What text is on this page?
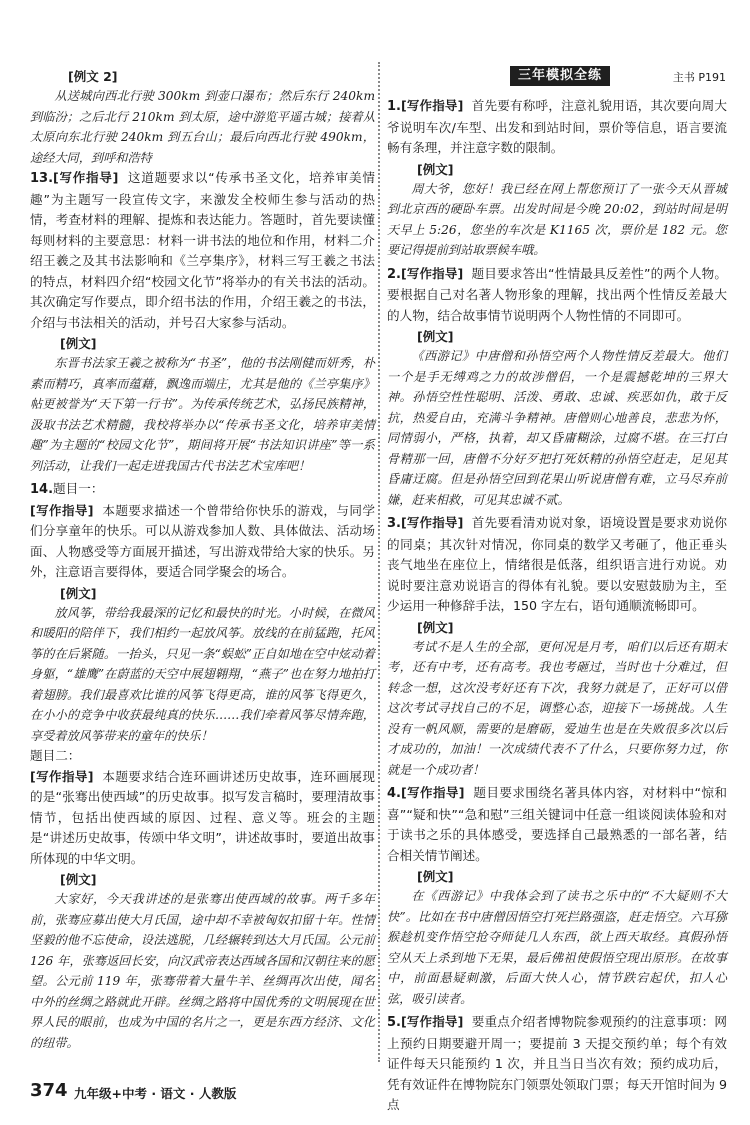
[例文 2]

从送城向西北行驶 300km 到壶口瀑布；然后东行 240km 到临汾；之后北行 210km 到太原，途中游览平遥古城；接着从太原向东北行驶 240km 到五台山；最后向西北行驶 490km，途经大同，到呼和浩特

13.[写作指导] 这道题要求以“传承书圣文化，培养审美情趣”为主题写一段宣传文字，来激发全校师生参与活动的热情，考查材料的理解、提炼和表达能力。答题时，首先要读懂每则材料的主要意思：材料一讲书法的地位和作用，材料二介绍王羲之及其书法影响和《兰亭集序》，材料三写王羲之书法的特点，材料四介绍“校园文化节”将举办的有关书法的活动。其次确定写作要点，即介绍书法的作用，介绍王羲之的书法，介绍与书法相关的活动，并号召大家参与活动。

[例文]

东晋书法家王羲之被称为“书圣”，他的书法刚健而妍秀，朴素而精巧，真率而蕴藉，飘逸而端庄，尤其是他的《兰亭集序》帖更被誉为“天下第一行书”。为传承传统艺术，弘扬民族精神，汲取书法艺术精髓，我校将举办以“传承书圣文化，培养审美情趣”为主题的“校园文化节”，期间将开展“书法知识讲座”等一系列活动，让我们一起走进我国古代书法艺术宝库吧！

14.题目一：

[写作指导] 本题要求描述一个曾带给你快乐的游戏，与同学们分享童年的快乐。可以从游戏参加人数、具体做法、活动场面、人物感受等方面展开描述，写出游戏带给大家的快乐。另外，注意语言要得体，要适合同学聚会的场合。

[例文]

放风筝，带给我最深的记忆和最快的时光。小时候，在微风和暖阳的陪伴下，我们相约一起放风筝。放线的在前猛跑，托风筝的在后紧随。一抬头，只见一条“蜈蚣”正自如地在空中炫动着身躯，“雄鹰”在蔚蓝的天空中展翅翱翔，“燕子”也在努力地拍打着翅膀。我们最喜欢比谁的风筝飞得更高，谁的风筝飞得更久，在小小的竞争中收获最纯真的快乐……我们牵着风筝尽情奔跑，享受着放风筝带来的童年的快乐！

题目二：

[写作指导] 本题要求结合连环画讲述历史故事，连环画展现的是“张骞出使西域”的历史故事。拟写发言稿时，要理清故事情节，包括出使西域的原因、过程、意义等。班会的主题是“讲述历史故事，传颂中华文明”，讲述故事时，要道出故事所体现的中华文明。

[例文]

大家好，今天我讲述的是张骞出使西域的故事。两千多年前，张骞应募出使大月氏国，途中却不幸被匈奴扣留十年。性情坚毅的他不忘使命，设法逃脱，几经辗转到达大月氏国。公元前 126 年，张骞返回长安，向汉武帝表达西域各国和汉朝往来的愿望。公元前 119 年，张骞带着大量牛羊、丝绸再次出使，闻名中外的丝绸之路就此开辟。丝绸之路将中国优秀的文明展现在世界人民的眼前，也成为中国的名片之一，更是东西方经济、文化的纽带。

三年模拟全练	主书 P191

1.[写作指导] 首先要有称呼，注意礼貌用语，其次要向周大爷说明车次/车型、出发和到站时间，票价等信息，语言要流畅有条理，并注意字数的限制。

[例文]

周大爷，您好！我已经在网上帮您预订了一张今天从晋城到北京西的硬卧车票。出发时间是今晚 20:02，到站时间是明天早上 5:26，您坐的车次是 K1165 次，票价是 182 元。您要记得提前到站取票候车哦。

2.[写作指导] 题目要求答出“性情最具反差性”的两个人物。要根据自己对名著人物形象的理解，找出两个性情反差最大的人物，结合故事情节说明两个人物性情的不同即可。

[例文]

《西游记》中唐僧和孙悟空两个人物性情反差最大。他们一个是手无缚鸡之力的故涉僧侣，一个是震撼乾坤的三界大神。孙悟空性性聪明、活泼、勇敢、忠诚、疾恶如仇，敢于反抗，热爱自由，充满斗争精神。唐僧则心地善良，悲悲为怀，同情弱小，严格，执着，却又昏庸糊涂，过腐不堪。在三打白骨精那一回，唐僧不分好歹把打死妖精的孙悟空赶走，足见其昏庸迂腐。但是孙悟空回到花果山听说唐僧有难，立马尽弃前嫌，赶来相救，可见其忠诚不贰。

3.[写作指导] 首先要看清劝说对象，语境设置是要求劝说你的同桌；其次针对情况，你同桌的数学又考砸了，他正垂头丧气地坐在座位上，情绪很是低落，组织语言进行劝说。劝说时要注意劝说语言的得体有礼貌。要以安慰鼓励为主，至少运用一种修辞手法，150 字左右，语句通顺流畅即可。

[例文]

考试不是人生的全部，更何况是月考，咱们以后还有期末考，还有中考，还有高考。我也考砸过，当时也十分难过，但转念一想，这次没考好还有下次，我努力就是了，正好可以借这次考试寻找自己的不足，调整心态，迎接下一场挑战。人生没有一帆风顺，需要的是磨砺，爱迪生也是在失败很多次以后才成功的，加油！一次成绩代表不了什么，只要你努力过，你就是一个成功者！

4.[写作指导] 题目要求围绕名著具体内容，对材料中“惊和喜”“疑和快”“急和慰”三组关键词中任意一组谈阅读体验和对于读书之乐的具体感受，要选择自己最熟悉的一部名著，结合相关情节阐述。

[例文]

在《西游记》中我体会到了读书之乐中的“不大疑则不大快”。比如在书中唐僧因悟空打死拦路强盗，赶走悟空。六耳猕猴趁机变作悟空抢夺师徒几人东西，欲上西天取经。真假孙悟空从天上杀到地下无果，最后佛祖使假悟空现出原形。在故事中，前面悬疑刺激，后面大快人心，情节跌宕起伏，扣人心弦，吸引读者。

5.[写作指导] 要重点介绍者博物院参观预约的注意事项：网上预约日期要避开周一；要提前 3 天提交预约单；每个有效证件每天只能预约 1 次，并且当日当次有效；预约成功后，凭有效证件在博物院东门领票处领取门票；每天开馆时间为 9 点

374 九年级+中考 · 语文 · 人教版
